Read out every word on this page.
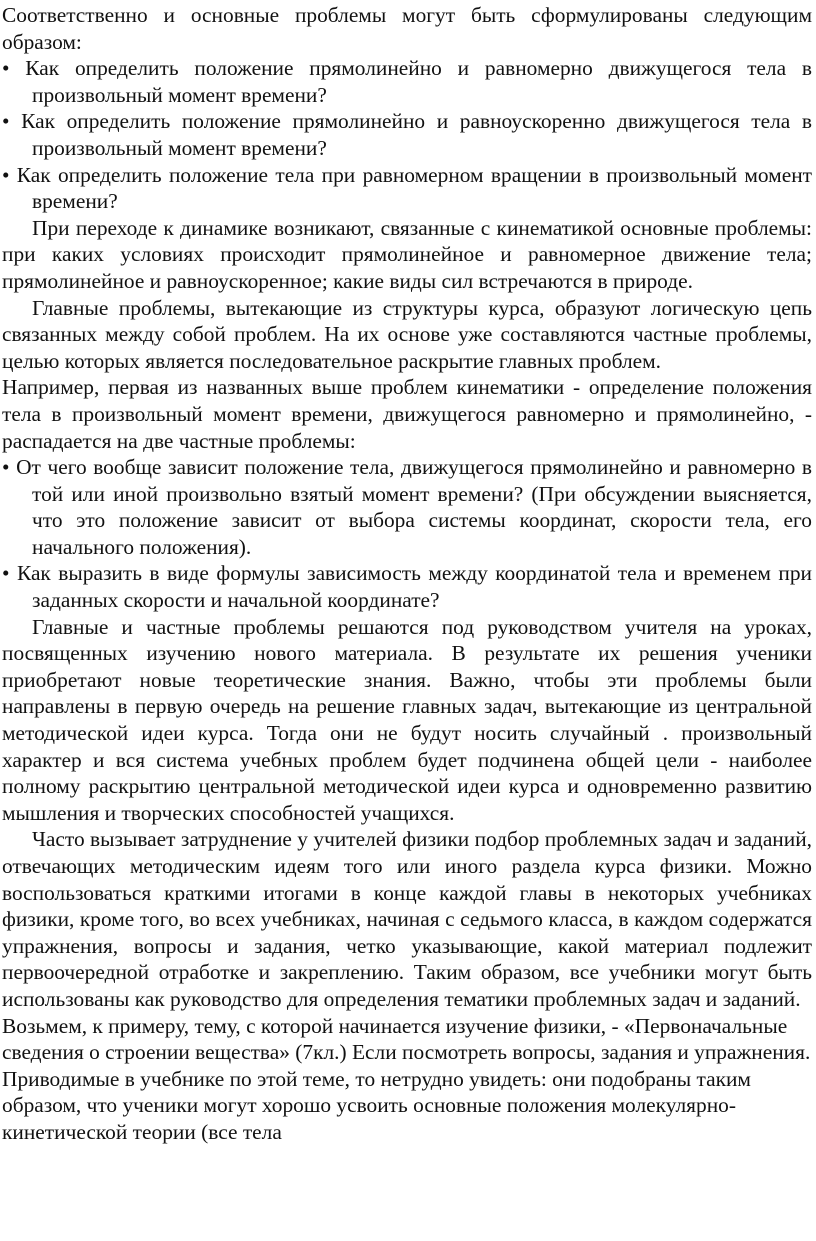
Соответственно и основные проблемы могут быть сформулированы следующим образом:

• Как определить положение прямолинейно и равномерно движущегося тела в произвольный момент времени?

• Как определить положение прямолинейно и равноускоренно движущегося тела в произвольный момент времени?

• Как определить положение тела при равномерном вращении в произвольный момент времени?

При переходе к динамике возникают, связанные с кинематикой основные проблемы: при каких условиях происходит прямолинейное и равномерное движение тела; прямолинейное и равноускоренное; какие виды сил встречаются в природе.

Главные проблемы, вытекающие из структуры курса, образуют логическую цепь связанных между собой проблем. На их основе уже составляются частные проблемы, целью которых является последовательное раскрытие главных проблем.

Например, первая из названных выше проблем кинематики - определение положения тела в произвольный момент времени, движущегося равномерно и прямолинейно, - распадается на две частные проблемы:

• От чего вообще зависит положение тела, движущегося прямолинейно и равномерно в той или иной произвольно взятый момент времени? (При обсуждении выясняется, что это положение зависит от выбора системы координат, скорости тела, его начального положения).

• Как выразить в виде формулы зависимость между координатой тела и временем при заданных скорости и начальной координате?

Главные и частные проблемы решаются под руководством учителя на уроках, посвященных изучению нового материала. В результате их решения ученики приобретают новые теоретические знания. Важно, чтобы эти проблемы были направлены в первую очередь на решение главных задач, вытекающие из центральной методической идеи курса. Тогда они не будут носить случайный . произвольный характер и вся система учебных проблем будет подчинена общей цели - наиболее полному раскрытию центральной методической идеи курса и одновременно развитию мышления и творческих способностей учащихся.

Часто вызывает затруднение у учителей физики подбор проблемных задач и заданий, отвечающих методическим идеям того или иного раздела курса физики. Можно воспользоваться краткими итогами в конце каждой главы в некоторых учебниках физики, кроме того, во всех учебниках, начиная с седьмого класса, в каждом содержатся упражнения, вопросы и задания, четко указывающие, какой материал подлежит первоочередной отработке и закреплению. Таким образом, все учебники могут быть использованы как руководство для определения тематики проблемных задач и заданий.

Возьмем, к примеру, тему, с которой начинается изучение физики, - «Первоначальные сведения о строении вещества» (7кл.) Если посмотреть вопросы, задания и упражнения. Приводимые в учебнике по этой теме, то нетрудно увидеть: они подобраны таким образом, что ученики могут хорошо усвоить основные положения молекулярно-кинетической теории (все тела
